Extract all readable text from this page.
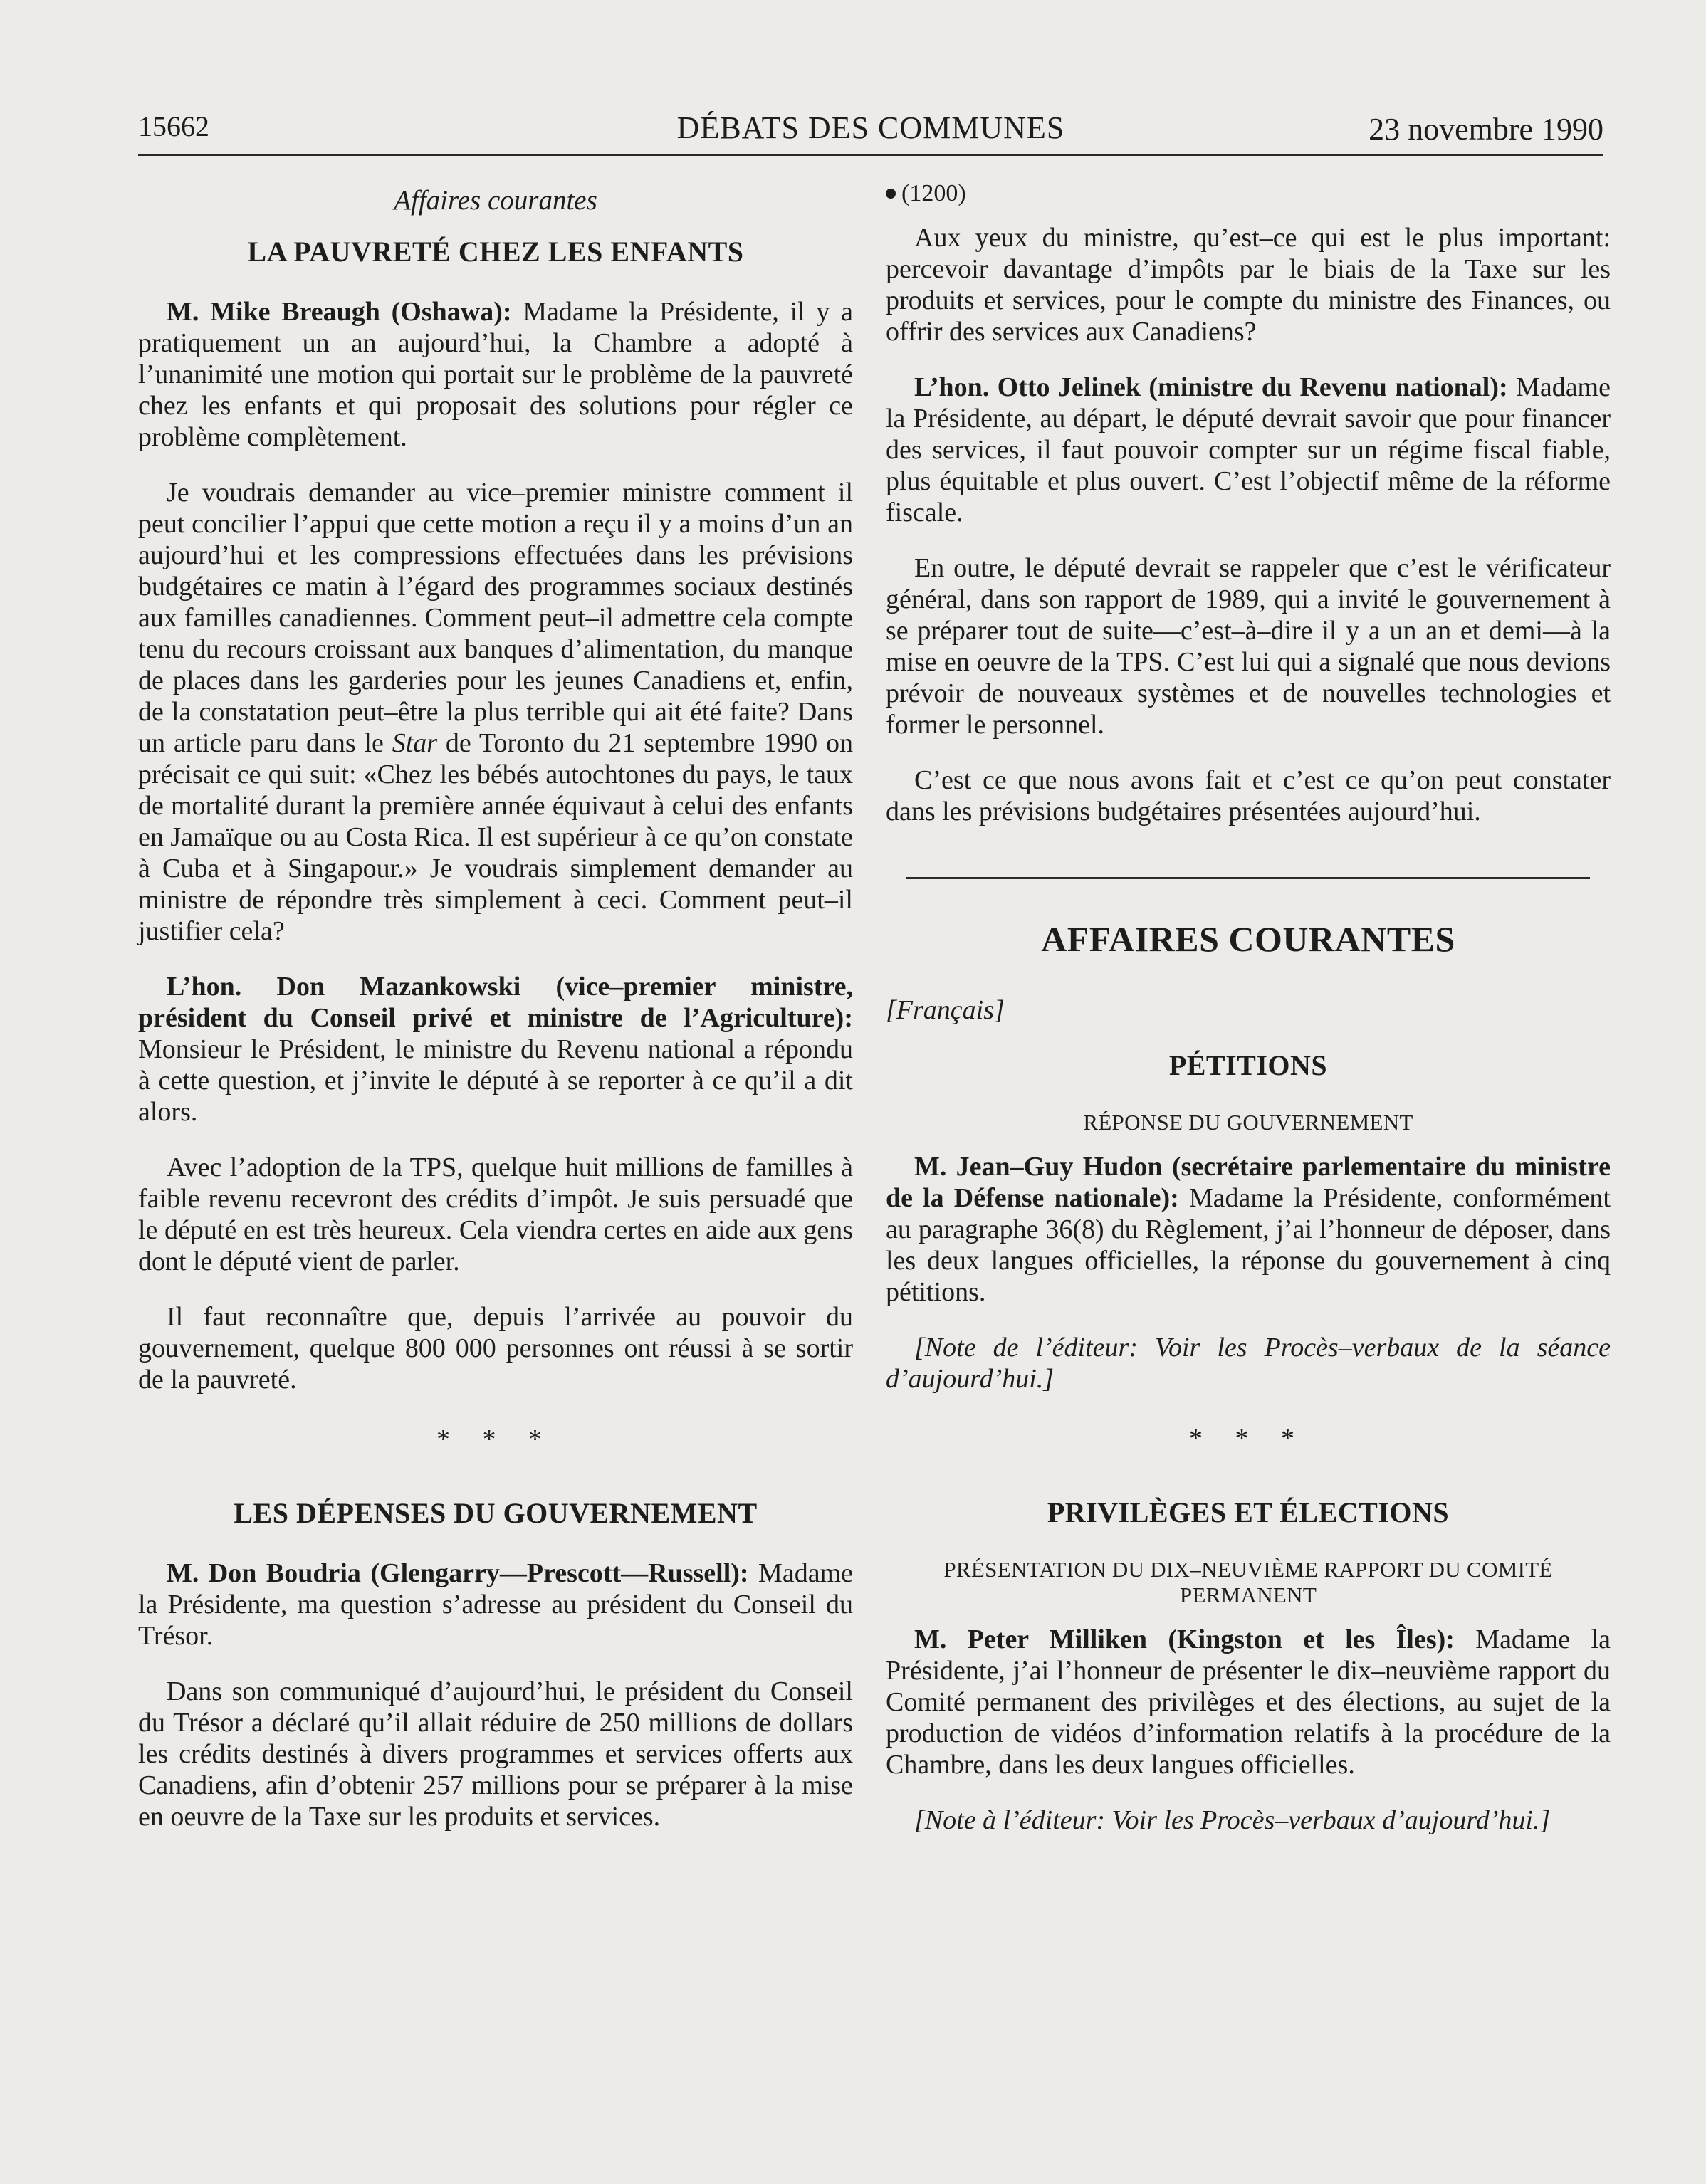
15662	DÉBATS DES COMMUNES	23 novembre 1990
Affaires courantes
LA PAUVRETÉ CHEZ LES ENFANTS

M. Mike Breaugh (Oshawa): Madame la Présidente, il y a pratiquement un an aujourd’hui, la Chambre a adopté à l’unanimité une motion qui portait sur le problème de la pauvreté chez les enfants et qui proposait des solutions pour régler ce problème complètement.

Je voudrais demander au vice–premier ministre comment il peut concilier l’appui que cette motion a reçu il y a moins d’un an aujourd’hui et les compressions effectuées dans les prévisions budgétaires ce matin à l’égard des programmes sociaux destinés aux familles canadiennes. Comment peut–il admettre cela compte tenu du recours croissant aux banques d’alimentation, du manque de places dans les garderies pour les jeunes Canadiens et, enfin, de la constatation peut–être la plus terrible qui ait été faite? Dans un article paru dans le Star de Toronto du 21 septembre 1990 on précisait ce qui suit: «Chez les bébés autochtones du pays, le taux de mortalité durant la première année équivaut à celui des enfants en Jamaïque ou au Costa Rica. Il est supérieur à ce qu’on constate à Cuba et à Singapour.» Je voudrais simplement demander au ministre de répondre très simplement à ceci. Comment peut–il justifier cela?

L’hon. Don Mazankowski (vice–premier ministre, président du Conseil privé et ministre de l’Agriculture): Monsieur le Président, le ministre du Revenu national a répondu à cette question, et j’invite le député à se reporter à ce qu’il a dit alors.

Avec l’adoption de la TPS, quelque huit millions de familles à faible revenu recevront des crédits d’impôt. Je suis persuadé que le député en est très heureux. Cela viendra certes en aide aux gens dont le député vient de parler.

Il faut reconnaître que, depuis l’arrivée au pouvoir du gouvernement, quelque 800 000 personnes ont réussi à se sortir de la pauvreté.

* * *
LES DÉPENSES DU GOUVERNEMENT

M. Don Boudria (Glengarry—Prescott—Russell): Madame la Présidente, ma question s’adresse au président du Conseil du Trésor.

Dans son communiqué d’aujourd’hui, le président du Conseil du Trésor a déclaré qu’il allait réduire de 250 millions de dollars les crédits destinés à divers programmes et services offerts aux Canadiens, afin d’obtenir 257 millions pour se préparer à la mise en oeuvre de la Taxe sur les produits et services.

(1200)

Aux yeux du ministre, qu’est–ce qui est le plus important: percevoir davantage d’impôts par le biais de la Taxe sur les produits et services, pour le compte du ministre des Finances, ou offrir des services aux Canadiens?

L’hon. Otto Jelinek (ministre du Revenu national): Madame la Présidente, au départ, le député devrait savoir que pour financer des services, il faut pouvoir compter sur un régime fiscal fiable, plus équitable et plus ouvert. C’est l’objectif même de la réforme fiscale.

En outre, le député devrait se rappeler que c’est le vérificateur général, dans son rapport de 1989, qui a invité le gouvernement à se préparer tout de suite—c’est–à–dire il y a un an et demi—à la mise en oeuvre de la TPS. C’est lui qui a signalé que nous devions prévoir de nouveaux systèmes et de nouvelles technologies et former le personnel.

C’est ce que nous avons fait et c’est ce qu’on peut constater dans les prévisions budgétaires présentées aujourd’hui.

AFFAIRES COURANTES
[Français]
PÉTITIONS
RÉPONSE DU GOUVERNEMENT

M. Jean–Guy Hudon (secrétaire parlementaire du ministre de la Défense nationale): Madame la Présidente, conformément au paragraphe 36(8) du Règlement, j’ai l’honneur de déposer, dans les deux langues officielles, la réponse du gouvernement à cinq pétitions.

[Note de l’éditeur: Voir les Procès–verbaux de la séance d’aujourd’hui.]

* * *
PRIVILÈGES ET ÉLECTIONS
PRÉSENTATION DU DIX–NEUVIÈME RAPPORT DU COMITÉ PERMANENT

M. Peter Milliken (Kingston et les Îles): Madame la Présidente, j’ai l’honneur de présenter le dix–neuvième rapport du Comité permanent des privilèges et des élections, au sujet de la production de vidéos d’information relatifs à la procédure de la Chambre, dans les deux langues officielles.

[Note à l’éditeur: Voir les Procès–verbaux d’aujourd’hui.]
